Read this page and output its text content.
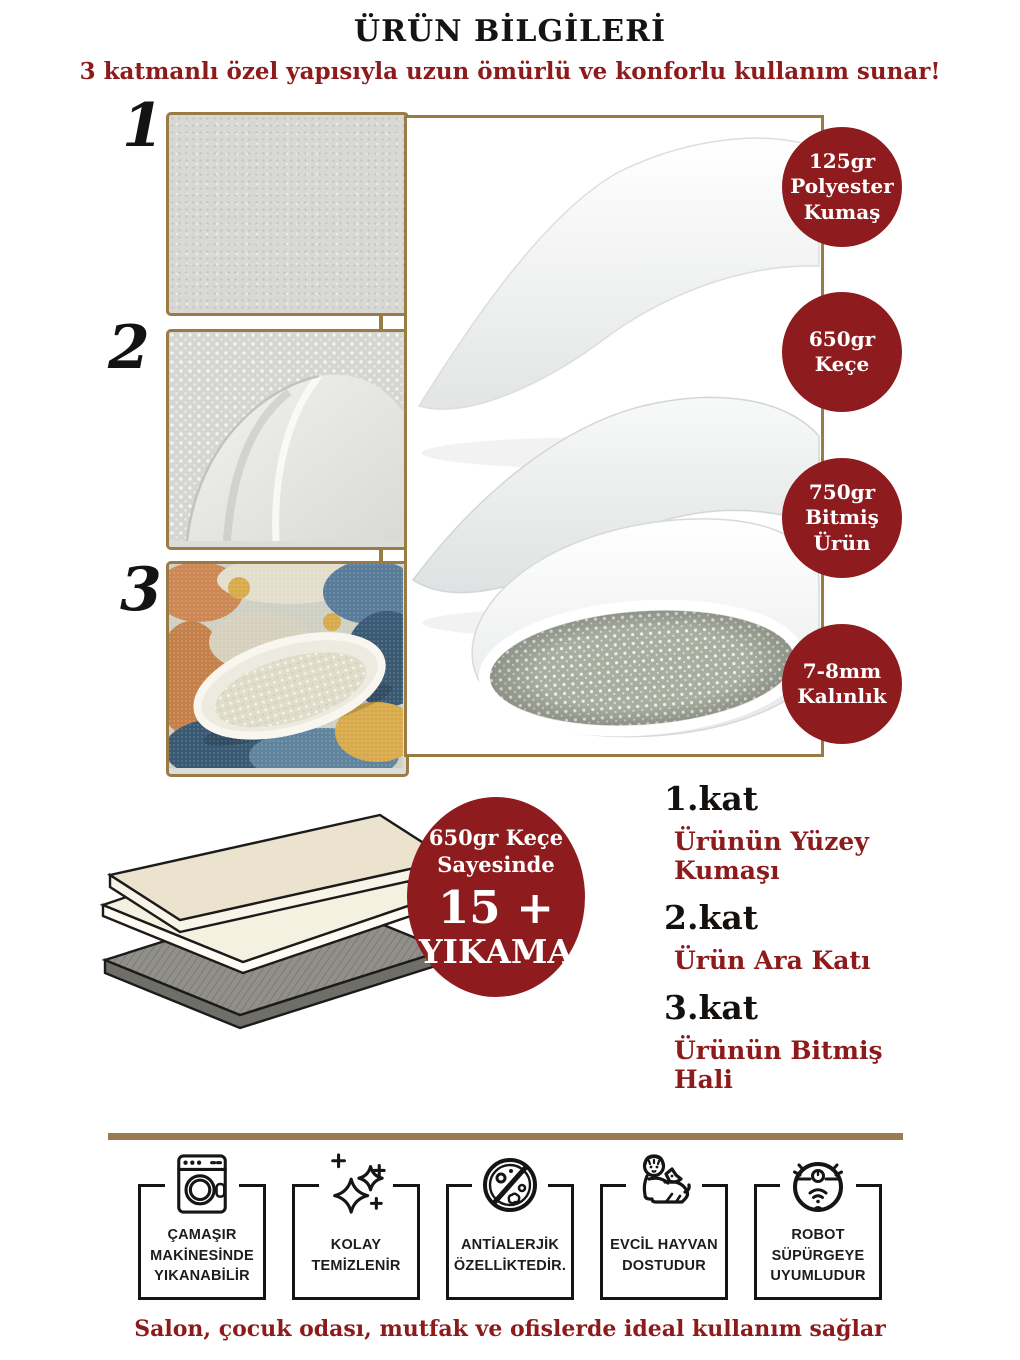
ÜRÜN BİLGİLERİ
3 katmanlı özel yapısıyla uzun ömürlü ve konforlu kullanım sunar!
1
2
3
125gr
Polyester
Kumaş
650gr
Keçe
750gr
Bitmiş
Ürün
7-8mm
Kalınlık
650gr Keçe
Sayesinde
15 +
YIKAMA
1.kat
Ürünün Yüzey Kumaşı
2.kat
Ürün Ara Katı
3.kat
Ürünün Bitmiş Hali
ÇAMAŞIR MAKİNESİNDE YIKANABİLİR
KOLAY TEMİZLENİR
ANTİALERJİK ÖZELLİKTEDİR.
EVCİL HAYVAN DOSTUDUR
ROBOT SÜPÜRGEYE UYUMLUDUR
Salon, çocuk odası, mutfak ve ofislerde ideal kullanım sağlar
